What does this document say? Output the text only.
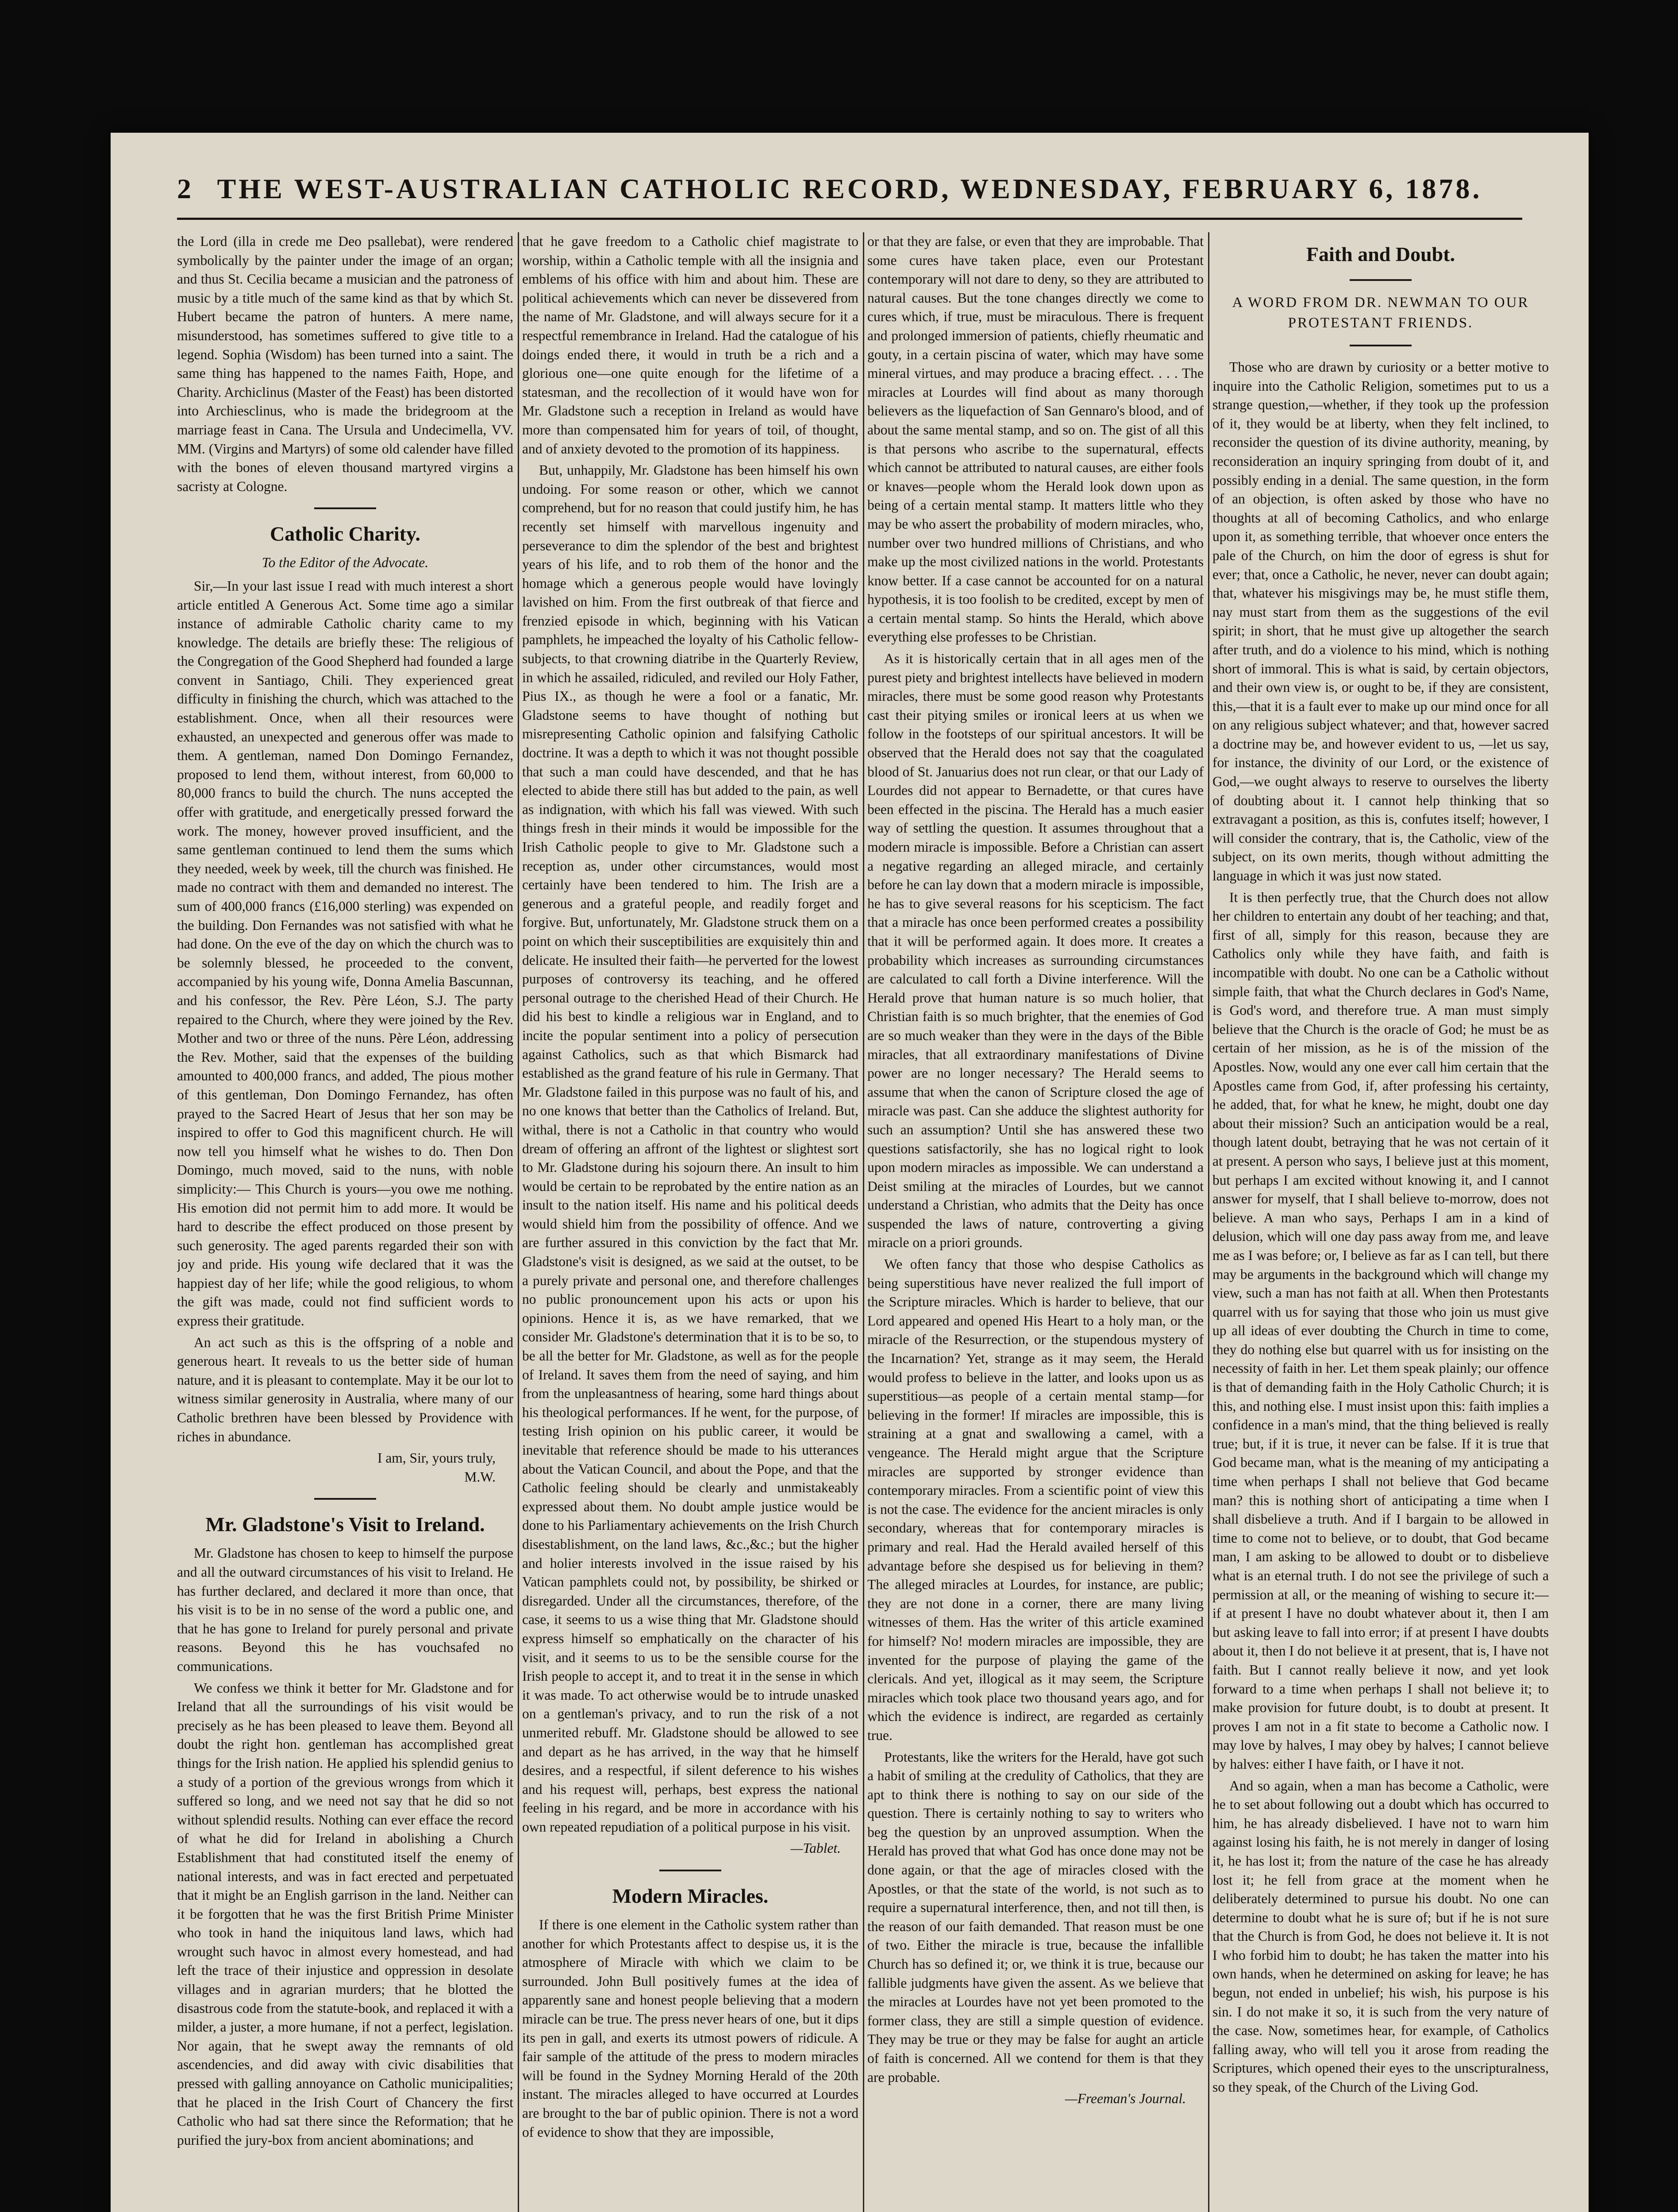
2 THE WEST-AUSTRALIAN CATHOLIC RECORD, WEDNESDAY, FEBRUARY 6, 1878.

the Lord (illa in crede me Deo psallebat), were rendered symbolically by the painter under the image of an organ; and thus St. Cecilia became a musician and the patroness of music by a title much of the same kind as that by which St. Hubert became the patron of hunters. A mere name, misunderstood, has sometimes suffered to give title to a legend. Sophia (Wisdom) has been turned into a saint. The same thing has happened to the names Faith, Hope, and Charity. Archiclinus (Master of the Feast) has been distorted into Archiesclinus, who is made the bridegroom at the marriage feast in Cana. The Ursula and Undecimella, VV. MM. (Virgins and Martyrs) of some old calender have filled with the bones of eleven thousand martyred virgins a sacristy at Cologne.

Catholic Charity.
To the Editor of the Advocate.

Sir,—In your last issue I read with much interest a short article entitled A Generous Act. Some time ago a similar instance of admirable Catholic charity came to my knowledge. The details are briefly these: The religious of the Congregation of the Good Shepherd had founded a large convent in Santiago, Chili. They experienced great difficulty in finishing the church, which was attached to the establishment. Once, when all their resources were exhausted, an unexpected and generous offer was made to them. A gentleman, named Don Domingo Fernandez, proposed to lend them, without interest, from 60,000 to 80,000 francs to build the church. The nuns accepted the offer with gratitude, and energetically pressed forward the work. The money, however proved insufficient, and the same gentleman continued to lend them the sums which they needed, week by week, till the church was finished. He made no contract with them and demanded no interest. The sum of 400,000 francs (£16,000 sterling) was expended on the building. Don Fernandes was not satisfied with what he had done. On the eve of the day on which the church was to be solemnly blessed, he proceeded to the convent, accompanied by his young wife, Donna Amelia Bascunnan, and his confessor, the Rev. Père Léon, S.J. The party repaired to the Church, where they were joined by the Rev. Mother and two or three of the nuns. Père Léon, addressing the Rev. Mother, said that the expenses of the building amounted to 400,000 francs, and added, The pious mother of this gentleman, Don Domingo Fernandez, has often prayed to the Sacred Heart of Jesus that her son may be inspired to offer to God this magnificent church. He will now tell you himself what he wishes to do. Then Don Domingo, much moved, said to the nuns, with noble simplicity:— This Church is yours—you owe me nothing. His emotion did not permit him to add more. It would be hard to describe the effect produced on those present by such generosity. The aged parents regarded their son with joy and pride. His young wife declared that it was the happiest day of her life; while the good religious, to whom the gift was made, could not find sufficient words to express their gratitude.

An act such as this is the offspring of a noble and generous heart. It reveals to us the better side of human nature, and it is pleasant to contemplate. May it be our lot to witness similar generosity in Australia, where many of our Catholic brethren have been blessed by Providence with riches in abundance.

I am, Sir, yours truly,
M.W.
Mr. Gladstone's Visit to Ireland.

Mr. Gladstone has chosen to keep to himself the purpose and all the outward circumstances of his visit to Ireland. He has further declared, and declared it more than once, that his visit is to be in no sense of the word a public one, and that he has gone to Ireland for purely personal and private reasons. Beyond this he has vouchsafed no communications.

We confess we think it better for Mr. Gladstone and for Ireland that all the surroundings of his visit would be precisely as he has been pleased to leave them. Beyond all doubt the right hon. gentleman has accomplished great things for the Irish nation. He applied his splendid genius to a study of a portion of the grevious wrongs from which it suffered so long, and we need not say that he did so not without splendid results. Nothing can ever efface the record of what he did for Ireland in abolishing a Church Establishment that had constituted itself the enemy of national interests, and was in fact erected and perpetuated that it might be an English garrison in the land. Neither can it be forgotten that he was the first British Prime Minister who took in hand the iniquitous land laws, which had wrought such havoc in almost every homestead, and had left the trace of their injustice and oppression in desolate villages and in agrarian murders; that he blotted the disastrous code from the statute-book, and replaced it with a milder, a juster, a more humane, if not a perfect, legislation. Nor again, that he swept away the remnants of old ascendencies, and did away with civic disabilities that pressed with galling annoyance on Catholic municipalities; that he placed in the Irish Court of Chancery the first Catholic who had sat there since the Reformation; that he purified the jury-box from ancient abominations; and

that he gave freedom to a Catholic chief magistrate to worship, within a Catholic temple with all the insignia and emblems of his office with him and about him. These are political achievements which can never be dissevered from the name of Mr. Gladstone, and will always secure for it a respectful remembrance in Ireland. Had the catalogue of his doings ended there, it would in truth be a rich and a glorious one—one quite enough for the lifetime of a statesman, and the recollection of it would have won for Mr. Gladstone such a reception in Ireland as would have more than compensated him for years of toil, of thought, and of anxiety devoted to the promotion of its happiness.

But, unhappily, Mr. Gladstone has been himself his own undoing. For some reason or other, which we cannot comprehend, but for no reason that could justify him, he has recently set himself with marvellous ingenuity and perseverance to dim the splendor of the best and brightest years of his life, and to rob them of the honor and the homage which a generous people would have lovingly lavished on him. From the first outbreak of that fierce and frenzied episode in which, beginning with his Vatican pamphlets, he impeached the loyalty of his Catholic fellow-subjects, to that crowning diatribe in the Quarterly Review, in which he assailed, ridiculed, and reviled our Holy Father, Pius IX., as though he were a fool or a fanatic, Mr. Gladstone seems to have thought of nothing but misrepresenting Catholic opinion and falsifying Catholic doctrine. It was a depth to which it was not thought possible that such a man could have descended, and that he has elected to abide there still has but added to the pain, as well as indignation, with which his fall was viewed. With such things fresh in their minds it would be impossible for the Irish Catholic people to give to Mr. Gladstone such a reception as, under other circumstances, would most certainly have been tendered to him. The Irish are a generous and a grateful people, and readily forget and forgive. But, unfortunately, Mr. Gladstone struck them on a point on which their susceptibilities are exquisitely thin and delicate. He insulted their faith—he perverted for the lowest purposes of controversy its teaching, and he offered personal outrage to the cherished Head of their Church. He did his best to kindle a religious war in England, and to incite the popular sentiment into a policy of persecution against Catholics, such as that which Bismarck had established as the grand feature of his rule in Germany. That Mr. Gladstone failed in this purpose was no fault of his, and no one knows that better than the Catholics of Ireland. But, withal, there is not a Catholic in that country who would dream of offering an affront of the lightest or slightest sort to Mr. Gladstone during his sojourn there. An insult to him would be certain to be reprobated by the entire nation as an insult to the nation itself. His name and his political deeds would shield him from the possibility of offence. And we are further assured in this conviction by the fact that Mr. Gladstone's visit is designed, as we said at the outset, to be a purely private and personal one, and therefore challenges no public pronouncement upon his acts or upon his opinions. Hence it is, as we have remarked, that we consider Mr. Gladstone's determination that it is to be so, to be all the better for Mr. Gladstone, as well as for the people of Ireland. It saves them from the need of saying, and him from the unpleasantness of hearing, some hard things about his theological performances. If he went, for the purpose, of testing Irish opinion on his public career, it would be inevitable that reference should be made to his utterances about the Vatican Council, and about the Pope, and that the Catholic feeling should be clearly and unmistakeably expressed about them. No doubt ample justice would be done to his Parliamentary achievements on the Irish Church disestablishment, on the land laws, &c.,&c.; but the higher and holier interests involved in the issue raised by his Vatican pamphlets could not, by possibility, be shirked or disregarded. Under all the circumstances, therefore, of the case, it seems to us a wise thing that Mr. Gladstone should express himself so emphatically on the character of his visit, and it seems to us to be the sensible course for the Irish people to accept it, and to treat it in the sense in which it was made. To act otherwise would be to intrude unasked on a gentleman's privacy, and to run the risk of a not unmerited rebuff. Mr. Gladstone should be allowed to see and depart as he has arrived, in the way that he himself desires, and a respectful, if silent deference to his wishes and his request will, perhaps, best express the national feeling in his regard, and be more in accordance with his own repeated repudiation of a political purpose in his visit.

—Tablet.
Modern Miracles.

If there is one element in the Catholic system rather than another for which Protestants affect to despise us, it is the atmosphere of Miracle with which we claim to be surrounded. John Bull positively fumes at the idea of apparently sane and honest people believing that a modern miracle can be true. The press never hears of one, but it dips its pen in gall, and exerts its utmost powers of ridicule. A fair sample of the attitude of the press to modern miracles will be found in the Sydney Morning Herald of the 20th instant. The miracles alleged to have occurred at Lourdes are brought to the bar of public opinion. There is not a word of evidence to show that they are impossible,

or that they are false, or even that they are improbable. That some cures have taken place, even our Protestant contemporary will not dare to deny, so they are attributed to natural causes. But the tone changes directly we come to cures which, if true, must be miraculous. There is frequent and prolonged immersion of patients, chiefly rheumatic and gouty, in a certain piscina of water, which may have some mineral virtues, and may produce a bracing effect. . . . The miracles at Lourdes will find about as many thorough believers as the liquefaction of San Gennaro's blood, and of about the same mental stamp, and so on. The gist of all this is that persons who ascribe to the supernatural, effects which cannot be attributed to natural causes, are either fools or knaves—people whom the Herald look down upon as being of a certain mental stamp. It matters little who they may be who assert the probability of modern miracles, who, number over two hundred millions of Christians, and who make up the most civilized nations in the world. Protestants know better. If a case cannot be accounted for on a natural hypothesis, it is too foolish to be credited, except by men of a certain mental stamp. So hints the Herald, which above everything else professes to be Christian.

As it is historically certain that in all ages men of the purest piety and brightest intellects have believed in modern miracles, there must be some good reason why Protestants cast their pitying smiles or ironical leers at us when we follow in the footsteps of our spiritual ancestors. It will be observed that the Herald does not say that the coagulated blood of St. Januarius does not run clear, or that our Lady of Lourdes did not appear to Bernadette, or that cures have been effected in the piscina. The Herald has a much easier way of settling the question. It assumes throughout that a modern miracle is impossible. Before a Christian can assert a negative regarding an alleged miracle, and certainly before he can lay down that a modern miracle is impossible, he has to give several reasons for his scepticism. The fact that a miracle has once been performed creates a possibility that it will be performed again. It does more. It creates a probability which increases as surrounding circumstances are calculated to call forth a Divine interference. Will the Herald prove that human nature is so much holier, that Christian faith is so much brighter, that the enemies of God are so much weaker than they were in the days of the Bible miracles, that all extraordinary manifestations of Divine power are no longer necessary? The Herald seems to assume that when the canon of Scripture closed the age of miracle was past. Can she adduce the slightest authority for such an assumption? Until she has answered these two questions satisfactorily, she has no logical right to look upon modern miracles as impossible. We can understand a Deist smiling at the miracles of Lourdes, but we cannot understand a Christian, who admits that the Deity has once suspended the laws of nature, controverting a giving miracle on a priori grounds.

We often fancy that those who despise Catholics as being superstitious have never realized the full import of the Scripture miracles. Which is harder to believe, that our Lord appeared and opened His Heart to a holy man, or the miracle of the Resurrection, or the stupendous mystery of the Incarnation? Yet, strange as it may seem, the Herald would profess to believe in the latter, and looks upon us as superstitious—as people of a certain mental stamp—for believing in the former! If miracles are impossible, this is straining at a gnat and swallowing a camel, with a vengeance. The Herald might argue that the Scripture miracles are supported by stronger evidence than contemporary miracles. From a scientific point of view this is not the case. The evidence for the ancient miracles is only secondary, whereas that for contemporary miracles is primary and real. Had the Herald availed herself of this advantage before she despised us for believing in them? The alleged miracles at Lourdes, for instance, are public; they are not done in a corner, there are many living witnesses of them. Has the writer of this article examined for himself? No! modern miracles are impossible, they are invented for the purpose of playing the game of the clericals. And yet, illogical as it may seem, the Scripture miracles which took place two thousand years ago, and for which the evidence is indirect, are regarded as certainly true.

Protestants, like the writers for the Herald, have got such a habit of smiling at the credulity of Catholics, that they are apt to think there is nothing to say on our side of the question. There is certainly nothing to say to writers who beg the question by an unproved assumption. When the Herald has proved that what God has once done may not be done again, or that the age of miracles closed with the Apostles, or that the state of the world, is not such as to require a supernatural interference, then, and not till then, is the reason of our faith demanded. That reason must be one of two. Either the miracle is true, because the infallible Church has so defined it; or, we think it is true, because our fallible judgments have given the assent. As we believe that the miracles at Lourdes have not yet been promoted to the former class, they are still a simple question of evidence. They may be true or they may be false for aught an article of faith is concerned. All we contend for them is that they are probable.

—Freeman's Journal.
Faith and Doubt.
A WORD FROM DR. NEWMAN TO OUR PROTESTANT FRIENDS.

Those who are drawn by curiosity or a better motive to inquire into the Catholic Religion, sometimes put to us a strange question,—whether, if they took up the profession of it, they would be at liberty, when they felt inclined, to reconsider the question of its divine authority, meaning, by reconsideration an inquiry springing from doubt of it, and possibly ending in a denial. The same question, in the form of an objection, is often asked by those who have no thoughts at all of becoming Catholics, and who enlarge upon it, as something terrible, that whoever once enters the pale of the Church, on him the door of egress is shut for ever; that, once a Catholic, he never, never can doubt again; that, whatever his misgivings may be, he must stifle them, nay must start from them as the suggestions of the evil spirit; in short, that he must give up altogether the search after truth, and do a violence to his mind, which is nothing short of immoral. This is what is said, by certain objectors, and their own view is, or ought to be, if they are consistent, this,—that it is a fault ever to make up our mind once for all on any religious subject whatever; and that, however sacred a doctrine may be, and however evident to us, —let us say, for instance, the divinity of our Lord, or the existence of God,—we ought always to reserve to ourselves the liberty of doubting about it. I cannot help thinking that so extravagant a position, as this is, confutes itself; however, I will consider the contrary, that is, the Catholic, view of the subject, on its own merits, though without admitting the language in which it was just now stated.

It is then perfectly true, that the Church does not allow her children to entertain any doubt of her teaching; and that, first of all, simply for this reason, because they are Catholics only while they have faith, and faith is incompatible with doubt. No one can be a Catholic without simple faith, that what the Church declares in God's Name, is God's word, and therefore true. A man must simply believe that the Church is the oracle of God; he must be as certain of her mission, as he is of the mission of the Apostles. Now, would any one ever call him certain that the Apostles came from God, if, after professing his certainty, he added, that, for what he knew, he might, doubt one day about their mission? Such an anticipation would be a real, though latent doubt, betraying that he was not certain of it at present. A person who says, I believe just at this moment, but perhaps I am excited without knowing it, and I cannot answer for myself, that I shall believe to-morrow, does not believe. A man who says, Perhaps I am in a kind of delusion, which will one day pass away from me, and leave me as I was before; or, I believe as far as I can tell, but there may be arguments in the background which will change my view, such a man has not faith at all. When then Protestants quarrel with us for saying that those who join us must give up all ideas of ever doubting the Church in time to come, they do nothing else but quarrel with us for insisting on the necessity of faith in her. Let them speak plainly; our offence is that of demanding faith in the Holy Catholic Church; it is this, and nothing else. I must insist upon this: faith implies a confidence in a man's mind, that the thing believed is really true; but, if it is true, it never can be false. If it is true that God became man, what is the meaning of my anticipating a time when perhaps I shall not believe that God became man? this is nothing short of anticipating a time when I shall disbelieve a truth. And if I bargain to be allowed in time to come not to believe, or to doubt, that God became man, I am asking to be allowed to doubt or to disbelieve what is an eternal truth. I do not see the privilege of such a permission at all, or the meaning of wishing to secure it:—if at present I have no doubt whatever about it, then I am but asking leave to fall into error; if at present I have doubts about it, then I do not believe it at present, that is, I have not faith. But I cannot really believe it now, and yet look forward to a time when perhaps I shall not believe it; to make provision for future doubt, is to doubt at present. It proves I am not in a fit state to become a Catholic now. I may love by halves, I may obey by halves; I cannot believe by halves: either I have faith, or I have it not.

And so again, when a man has become a Catholic, were he to set about following out a doubt which has occurred to him, he has already disbelieved. I have not to warn him against losing his faith, he is not merely in danger of losing it, he has lost it; from the nature of the case he has already lost it; he fell from grace at the moment when he deliberately determined to pursue his doubt. No one can determine to doubt what he is sure of; but if he is not sure that the Church is from God, he does not believe it. It is not I who forbid him to doubt; he has taken the matter into his own hands, when he determined on asking for leave; he has begun, not ended in unbelief; his wish, his purpose is his sin. I do not make it so, it is such from the very nature of the case. Now, sometimes hear, for example, of Catholics falling away, who will tell you it arose from reading the Scriptures, which opened their eyes to the unscripturalness, so they speak, of the Church of the Living God.
